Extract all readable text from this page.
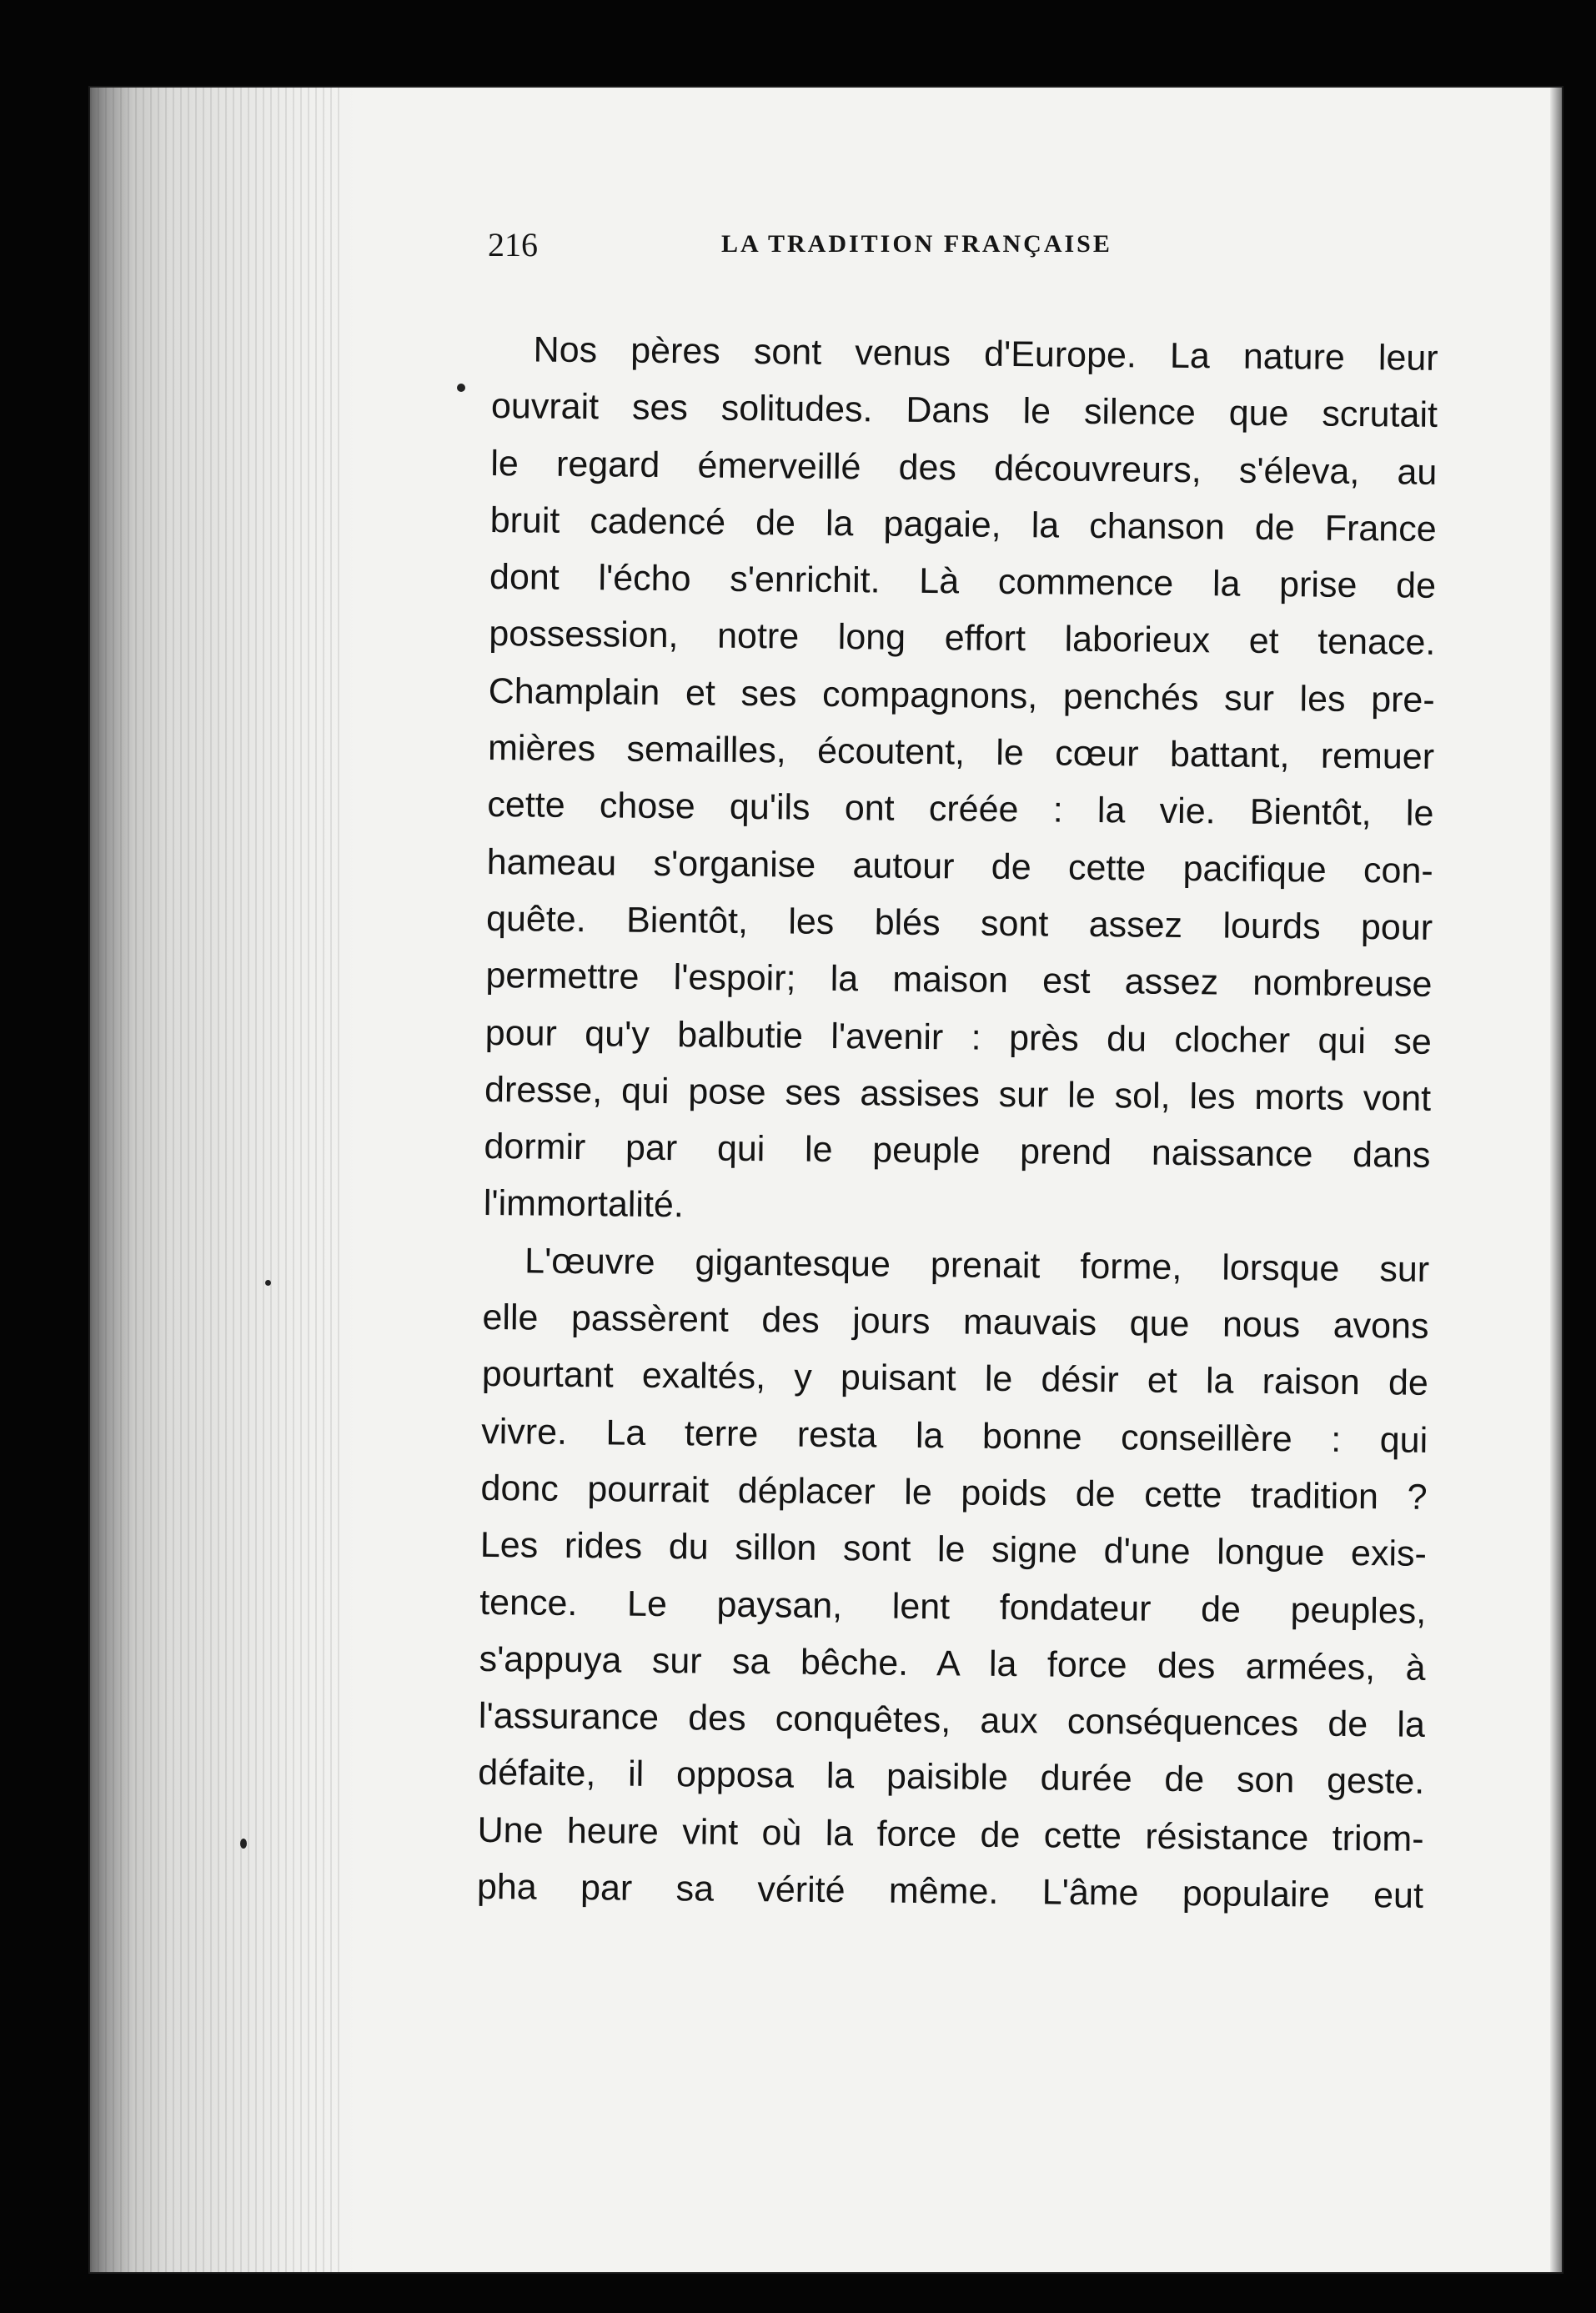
216	LA TRADITION FRANÇAISE
Nos pères sont venus d'Europe. La nature leur
ouvrait ses solitudes. Dans le silence que scrutait
le regard émerveillé des découvreurs, s'éleva, au
bruit cadencé de la pagaie, la chanson de France
dont l'écho s'enrichit. Là commence la prise de
possession, notre long effort laborieux et tenace.
Champlain et ses compagnons, penchés sur les pre-
mières semailles, écoutent, le cœur battant, remuer
cette chose qu'ils ont créée : la vie. Bientôt, le
hameau s'organise autour de cette pacifique con-
quête. Bientôt, les blés sont assez lourds pour
permettre l'espoir; la maison est assez nombreuse
pour qu'y balbutie l'avenir : près du clocher qui se
dresse, qui pose ses assises sur le sol, les morts vont
dormir par qui le peuple prend naissance dans
l'immortalité.
L'œuvre gigantesque prenait forme, lorsque sur
elle passèrent des jours mauvais que nous avons
pourtant exaltés, y puisant le désir et la raison de
vivre. La terre resta la bonne conseillère : qui
donc pourrait déplacer le poids de cette tradition ?
Les rides du sillon sont le signe d'une longue exis-
tence. Le paysan, lent fondateur de peuples,
s'appuya sur sa bêche. A la force des armées, à
l'assurance des conquêtes, aux conséquences de la
défaite, il opposa la paisible durée de son geste.
Une heure vint où la force de cette résistance triom-
pha par sa vérité même. L'âme populaire eut
